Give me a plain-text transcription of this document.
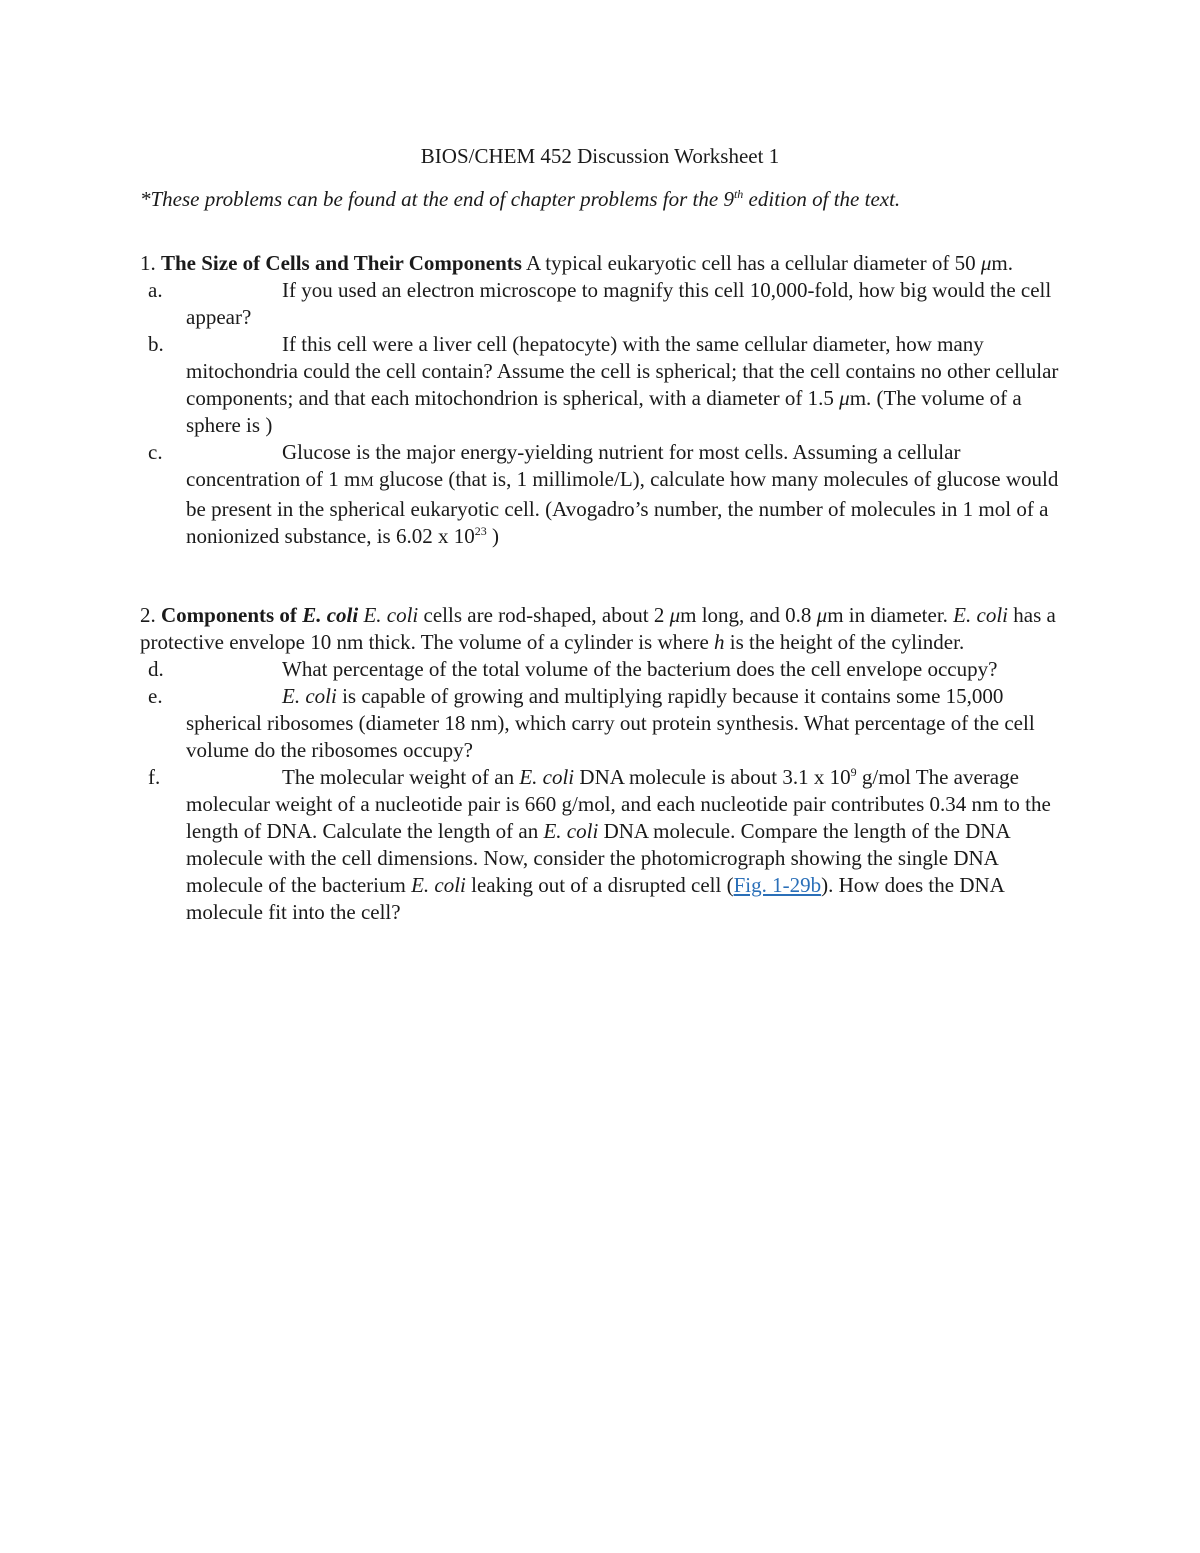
BIOS/CHEM 452 Discussion Worksheet 1

*These problems can be found at the end of chapter problems for the 9th edition of the text.

1. The Size of Cells and Their Components A typical eukaryotic cell has a cellular diameter of 50 μm.
a.	If you used an electron microscope to magnify this cell 10,000-fold, how big would the cell appear?
b.	If this cell were a liver cell (hepatocyte) with the same cellular diameter, how many mitochondria could the cell contain? Assume the cell is spherical; that the cell contains no other cellular components; and that each mitochondrion is spherical, with a diameter of 1.5 μm. (The volume of a sphere is )
c.	Glucose is the major energy-yielding nutrient for most cells. Assuming a cellular concentration of 1 mM glucose (that is, 1 millimole/L), calculate how many molecules of glucose would be present in the spherical eukaryotic cell. (Avogadro’s number, the number of molecules in 1 mol of a nonionized substance, is 6.02 x $10^{23}$ )
2. Components of E. coli E. coli cells are rod-shaped, about 2 μm long, and 0.8 μm in diameter. E. coli has a protective envelope 10 nm thick. The volume of a cylinder is where h is the height of the cylinder.
d.	What percentage of the total volume of the bacterium does the cell envelope occupy?
e.	E. coli is capable of growing and multiplying rapidly because it contains some 15,000 spherical ribosomes (diameter 18 nm), which carry out protein synthesis. What percentage of the cell volume do the ribosomes occupy?
f.	The molecular weight of an E. coli DNA molecule is about 3.1 x $10^9$ g/mol The average molecular weight of a nucleotide pair is 660 g/mol, and each nucleotide pair contributes 0.34 nm to the length of DNA. Calculate the length of an E. coli DNA molecule. Compare the length of the DNA molecule with the cell dimensions. Now, consider the photomicrograph showing the single DNA molecule of the bacterium E. coli leaking out of a disrupted cell (Fig. 1-29b). How does the DNA molecule fit into the cell?
